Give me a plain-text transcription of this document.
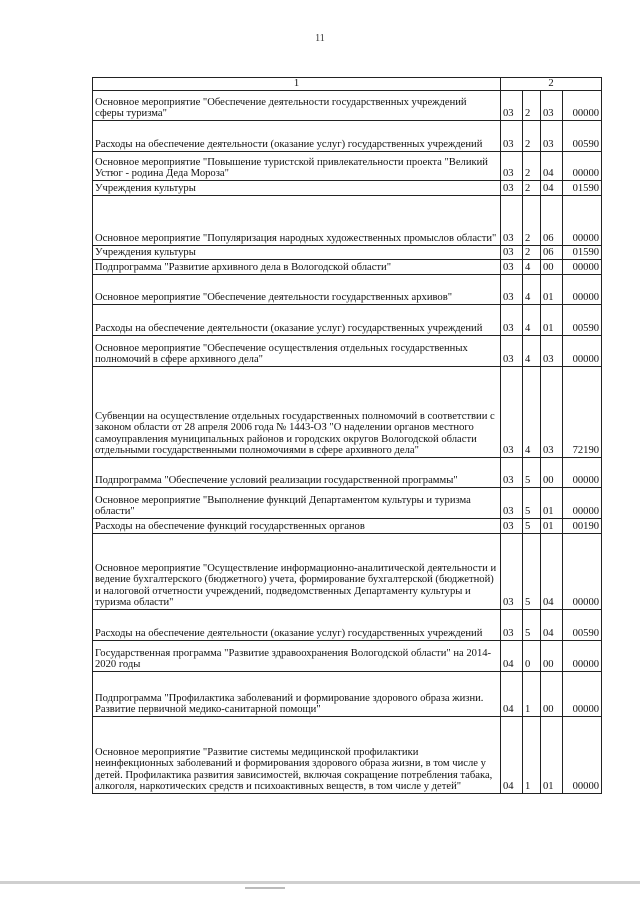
11
1	2			
Основное мероприятие "Обеспечение деятельности государственных учреждений сферы туризма"	03	2	03	00000
Расходы на обеспечение деятельности (оказание услуг) государственных учреждений	03	2	03	00590
Основное мероприятие "Повышение туристской привлекательности проекта "Великий Устюг - родина Деда Мороза"	03	2	04	00000
Учреждения культуры	03	2	04	01590
Основное мероприятие "Популяризация народных художественных промыслов области"	03	2	06	00000
Учреждения культуры	03	2	06	01590
Подпрограмма "Развитие архивного дела в Вологодской области"	03	4	00	00000
Основное мероприятие "Обеспечение деятельности государственных архивов"	03	4	01	00000
Расходы на обеспечение деятельности (оказание услуг) государственных учреждений	03	4	01	00590
Основное мероприятие "Обеспечение осуществления отдельных государственных полномочий в сфере архивного дела"	03	4	03	00000
Субвенции на осуществление отдельных государственных полномочий в соответствии с законом области от 28 апреля 2006 года № 1443-ОЗ "О наделении органов местного самоуправления муниципальных районов и городских округов Вологодской области отдельными государственными полномочиями в сфере архивного дела"	03	4	03	72190
Подпрограмма "Обеспечение условий реализации государственной программы"	03	5	00	00000
Основное мероприятие "Выполнение функций Департаментом культуры и туризма области"	03	5	01	00000
Расходы на обеспечение функций государственных органов	03	5	01	00190
Основное мероприятие "Осуществление информационно-аналитической деятельности и ведение бухгалтерского (бюджетного) учета, формирование бухгалтерской (бюджетной) и налоговой отчетности учреждений, подведомственных Департаменту культуры и туризма области"	03	5	04	00000
Расходы на обеспечение деятельности (оказание услуг) государственных учреждений	03	5	04	00590
Государственная программа "Развитие здравоохранения Вологодской области" на 2014-2020 годы	04	0	00	00000
Подпрограмма "Профилактика заболеваний и формирование здорового образа жизни. Развитие первичной медико-санитарной помощи"	04	1	00	00000
Основное мероприятие "Развитие системы медицинской профилактики неинфекционных заболеваний и формирования здорового образа жизни, в том числе у детей. Профилактика развития зависимостей, включая сокращение потребления табака, алкоголя, наркотических средств и психоактивных веществ, в том числе у детей"	04	1	01	00000
